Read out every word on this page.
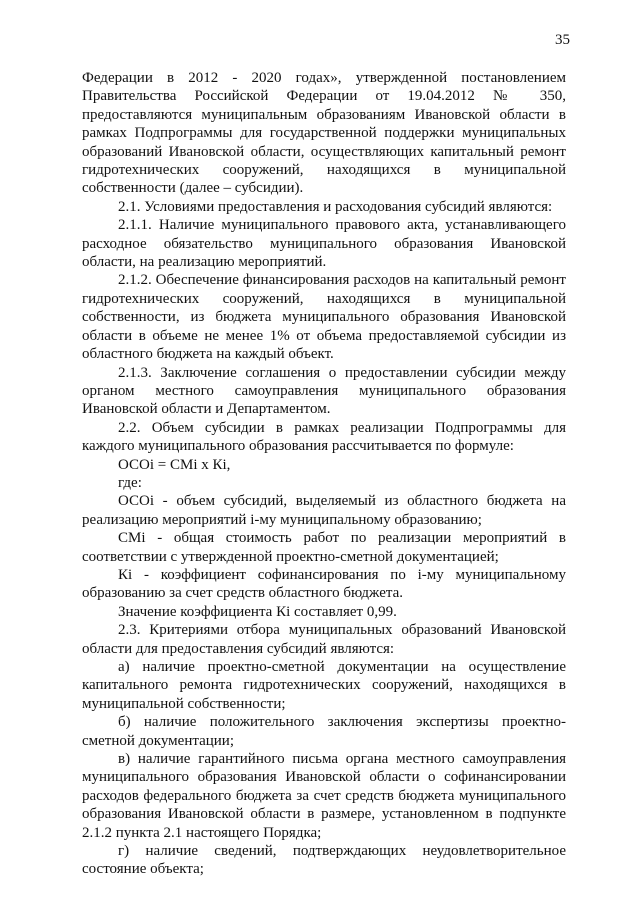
35

Федерации в 2012 - 2020 годах», утвержденной постановлением Правительства Российской Федерации от 19.04.2012 № 350, предоставляются муниципальным образованиям Ивановской области в рамках Подпрограммы для государственной поддержки муниципальных образований Ивановской области, осуществляющих капитальный ремонт гидротехнических сооружений, находящихся в муниципальной собственности (далее – субсидии).

2.1. Условиями предоставления и расходования субсидий являются:

2.1.1. Наличие муниципального правового акта, устанавливающего расходное обязательство муниципального образования Ивановской области, на реализацию мероприятий.

2.1.2. Обеспечение финансирования расходов на капитальный ремонт гидротехнических сооружений, находящихся в муниципальной собственности, из бюджета муниципального образования Ивановской области в объеме не менее 1% от объема предоставляемой субсидии из областного бюджета на каждый объект.

2.1.3. Заключение соглашения о предоставлении субсидии между органом местного самоуправления муниципального образования Ивановской области и Департаментом.

2.2. Объем субсидии в рамках реализации Подпрограммы для каждого муниципального образования рассчитывается по формуле:

ОСОi = СМi x Кi,

где:

ОСОi - объем субсидий, выделяемый из областного бюджета на реализацию мероприятий i-му муниципальному образованию;

СМi - общая стоимость работ по реализации мероприятий в соответствии с утвержденной проектно-сметной документацией;

Кi - коэффициент софинансирования по i-му муниципальному образованию за счет средств областного бюджета.

Значение коэффициента Кi составляет 0,99.

2.3. Критериями отбора муниципальных образований Ивановской области для предоставления субсидий являются:

а) наличие проектно-сметной документации на осуществление капитального ремонта гидротехнических сооружений, находящихся в муниципальной собственности;

б) наличие положительного заключения экспертизы проектно-сметной документации;

в) наличие гарантийного письма органа местного самоуправления муниципального образования Ивановской области о софинансировании расходов федерального бюджета за счет средств бюджета муниципального образования Ивановской области в размере, установленном в подпункте 2.1.2 пункта 2.1 настоящего Порядка;

г) наличие сведений, подтверждающих неудовлетворительное состояние объекта;
